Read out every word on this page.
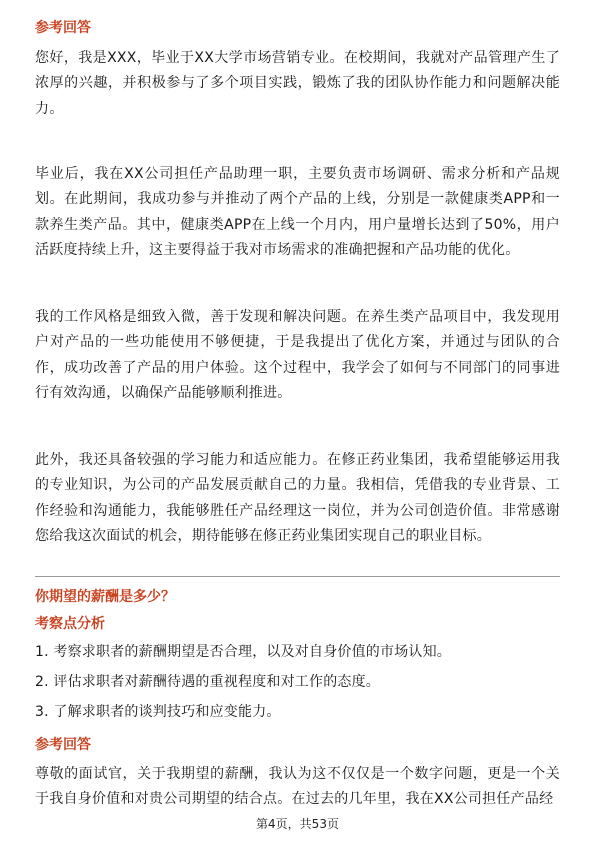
参考回答

您好，我是XXX，毕业于XX大学市场营销专业。在校期间，我就对产品管理产生了浓厚的兴趣，并积极参与了多个项目实践，锻炼了我的团队协作能力和问题解决能力。

毕业后，我在XX公司担任产品助理一职，主要负责市场调研、需求分析和产品规划。在此期间，我成功参与并推动了两个产品的上线，分别是一款健康类APP和一款养生类产品。其中，健康类APP在上线一个月内，用户量增长达到了50%，用户活跃度持续上升，这主要得益于我对市场需求的准确把握和产品功能的优化。

我的工作风格是细致入微，善于发现和解决问题。在养生类产品项目中，我发现用户对产品的一些功能使用不够便捷，于是我提出了优化方案，并通过与团队的合作，成功改善了产品的用户体验。这个过程中，我学会了如何与不同部门的同事进行有效沟通，以确保产品能够顺利推进。

此外，我还具备较强的学习能力和适应能力。在修正药业集团，我希望能够运用我的专业知识，为公司的产品发展贡献自己的力量。我相信，凭借我的专业背景、工作经验和沟通能力，我能够胜任产品经理这一岗位，并为公司创造价值。非常感谢您给我这次面试的机会，期待能够在修正药业集团实现自己的职业目标。

你期望的薪酬是多少？

考察点分析

1. 考察求职者的薪酬期望是否合理，以及对自身价值的市场认知。

2. 评估求职者对薪酬待遇的重视程度和对工作的态度。

3. 了解求职者的谈判技巧和应变能力。

参考回答

尊敬的面试官，关于我期望的薪酬，我认为这不仅仅是一个数字问题，更是一个关于我自身价值和对贵公司期望的结合点。在过去的几年里，我在XX公司担任产品经

第4页，共53页
